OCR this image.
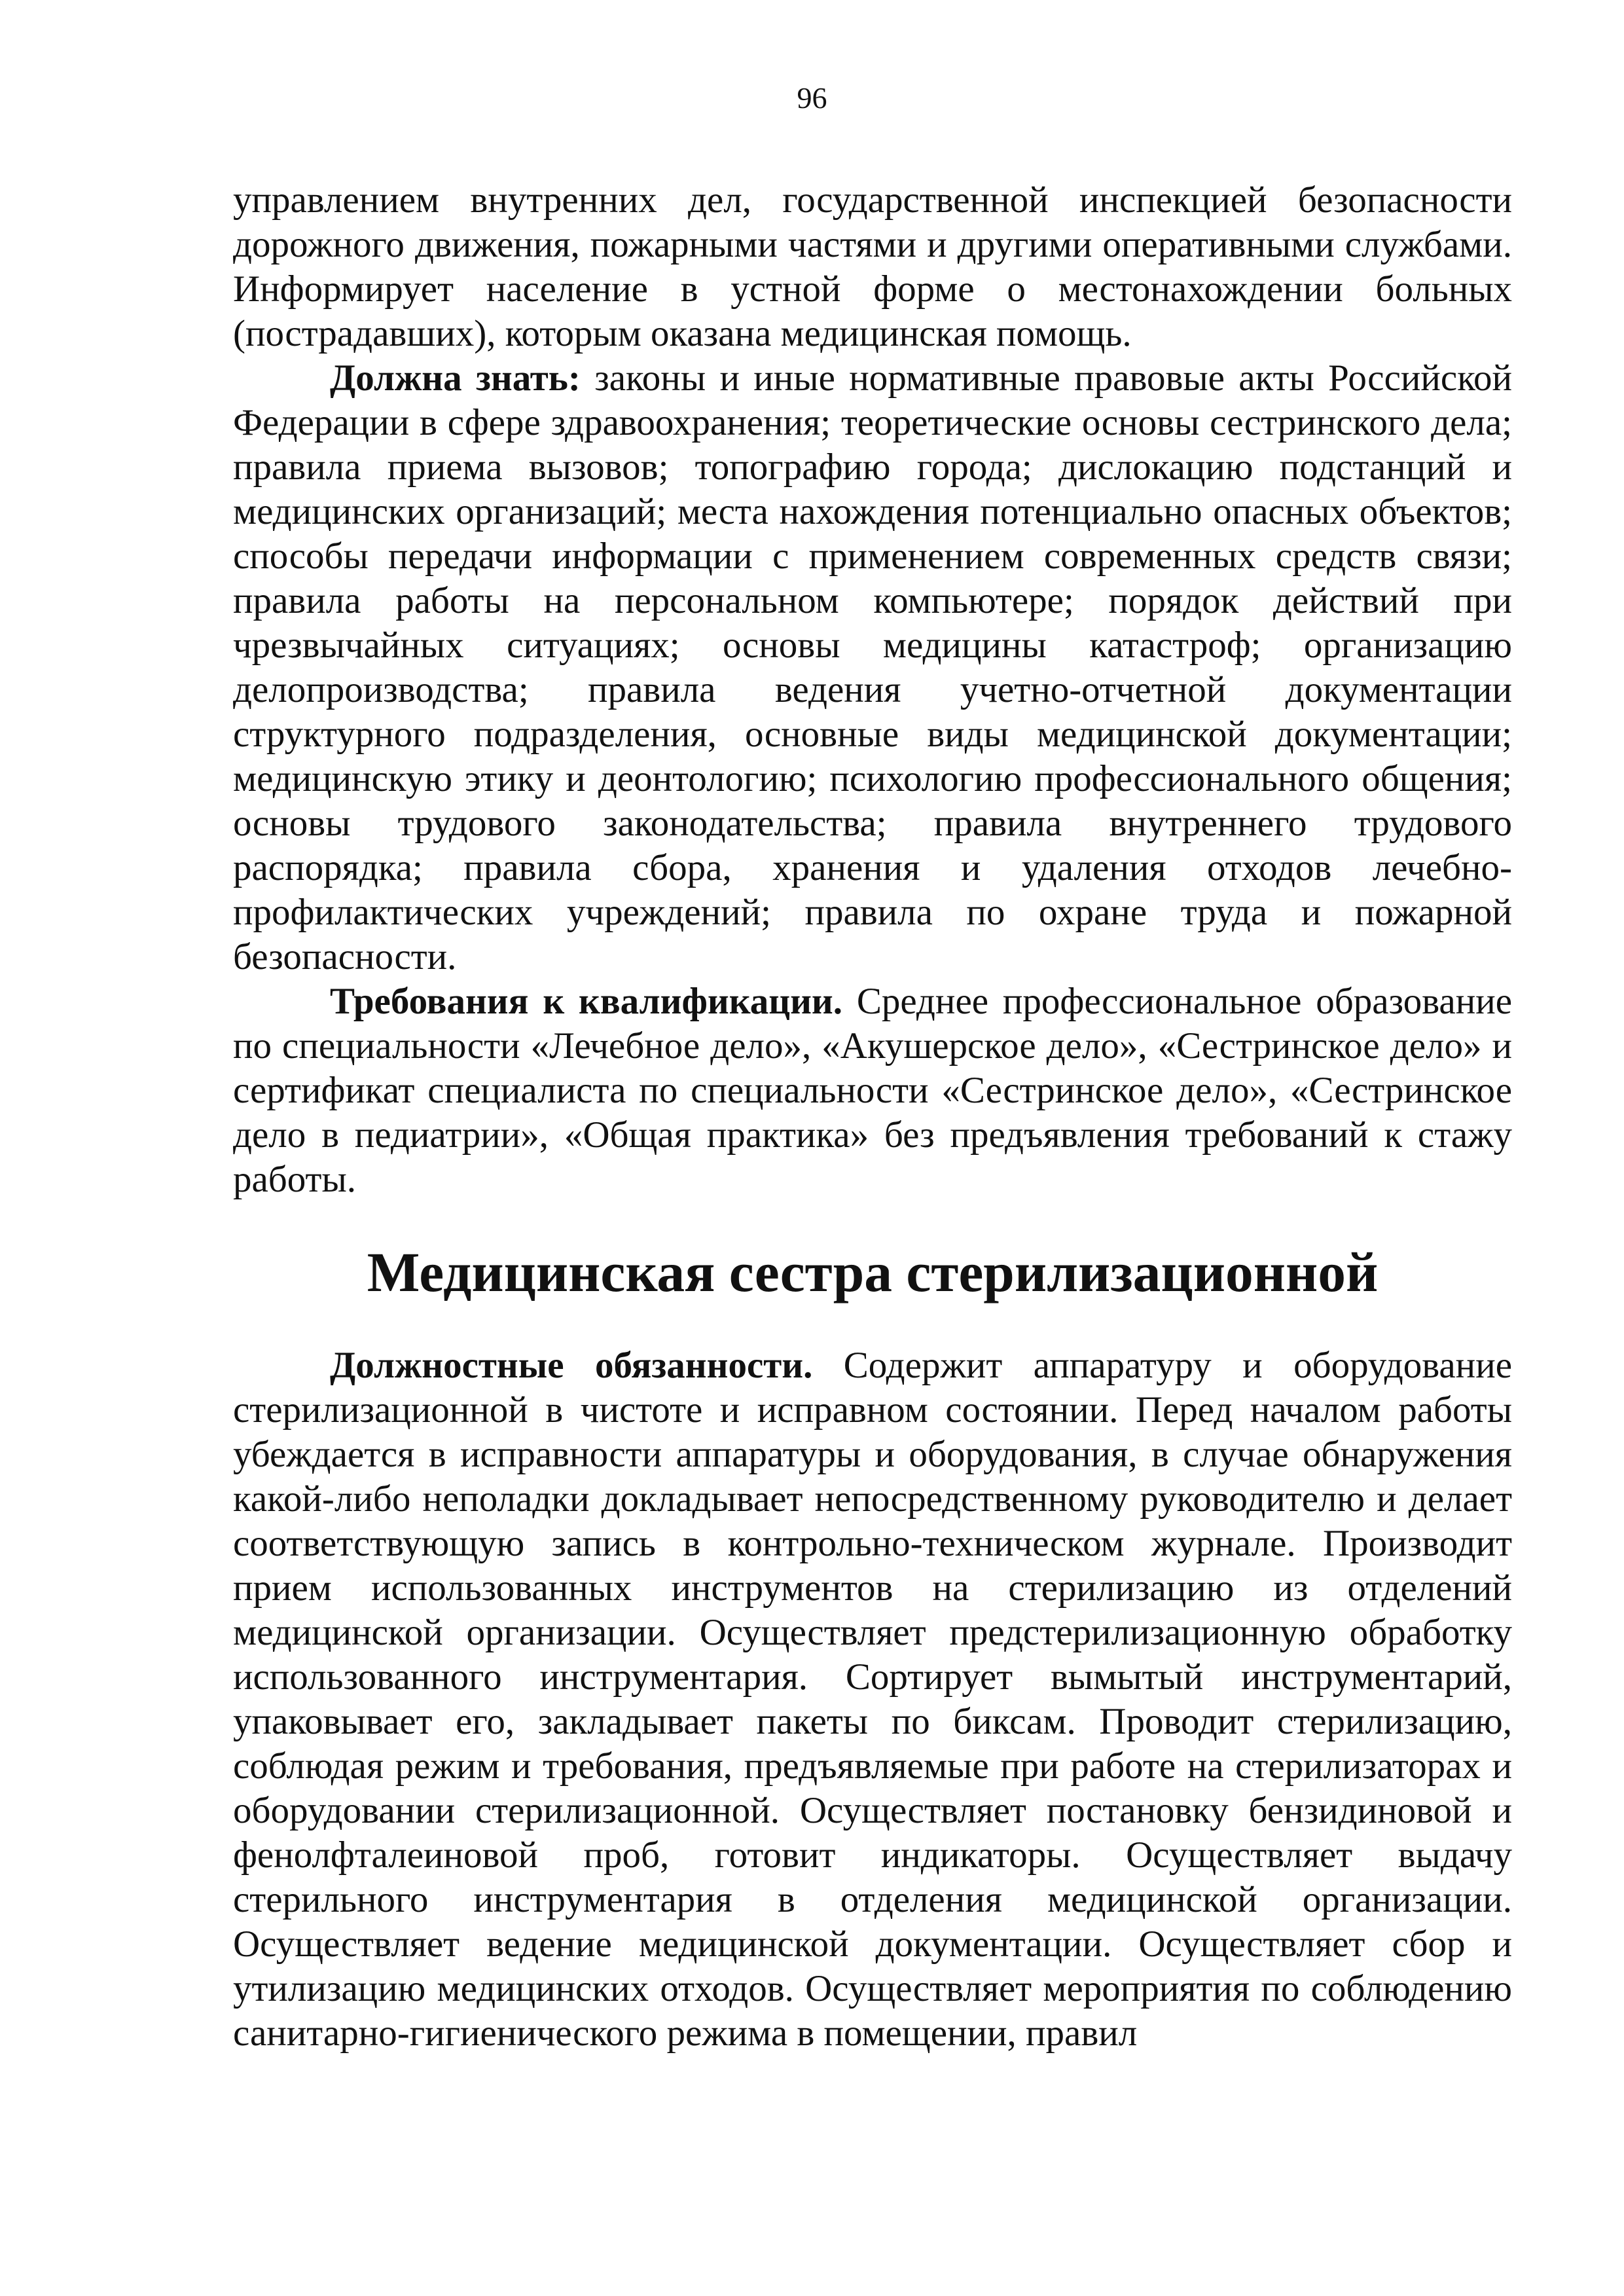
96

управлением внутренних дел, государственной инспекцией безопасности дорожного движения, пожарными частями и другими оперативными службами. Информирует население в устной форме о местонахождении больных (пострадавших), которым оказана медицинская помощь.

Должна знать: законы и иные нормативные правовые акты Российской Федерации в сфере здравоохранения; теоретические основы сестринского дела; правила приема вызовов; топографию города; дислокацию подстанций и медицинских организаций; места нахождения потенциально опасных объектов; способы передачи информации с применением современных средств связи; правила работы на персональном компьютере; порядок действий при чрезвычайных ситуациях; основы медицины катастроф; организацию делопроизводства; правила ведения учетно-отчетной документации структурного подразделения, основные виды медицинской документации; медицинскую этику и деонтологию; психологию профессионального общения; основы трудового законодательства; правила внутреннего трудового распорядка; правила сбора, хранения и удаления отходов лечебно-профилактических учреждений; правила по охране труда и пожарной безопасности.

Требования к квалификации. Среднее профессиональное образование по специальности «Лечебное дело», «Акушерское дело», «Сестринское дело» и сертификат специалиста по специальности «Сестринское дело», «Сестринское дело в педиатрии», «Общая практика» без предъявления требований к стажу работы.

Медицинская сестра стерилизационной

Должностные обязанности. Содержит аппаратуру и оборудование стерилизационной в чистоте и исправном состоянии. Перед началом работы убеждается в исправности аппаратуры и оборудования, в случае обнаружения какой-либо неполадки докладывает непосредственному руководителю и делает соответствующую запись в контрольно-техническом журнале. Производит прием использованных инструментов на стерилизацию из отделений медицинской организации. Осуществляет предстерилизационную обработку использованного инструментария. Сортирует вымытый инструментарий, упаковывает его, закладывает пакеты по биксам. Проводит стерилизацию, соблюдая режим и требования, предъявляемые при работе на стерилизаторах и оборудовании стерилизационной. Осуществляет постановку бензидиновой и фенолфталеиновой проб, готовит индикаторы. Осуществляет выдачу стерильного инструментария в отделения медицинской организации. Осуществляет ведение медицинской документации. Осуществляет сбор и утилизацию медицинских отходов. Осуществляет мероприятия по соблюдению санитарно-гигиенического режима в помещении, правил
